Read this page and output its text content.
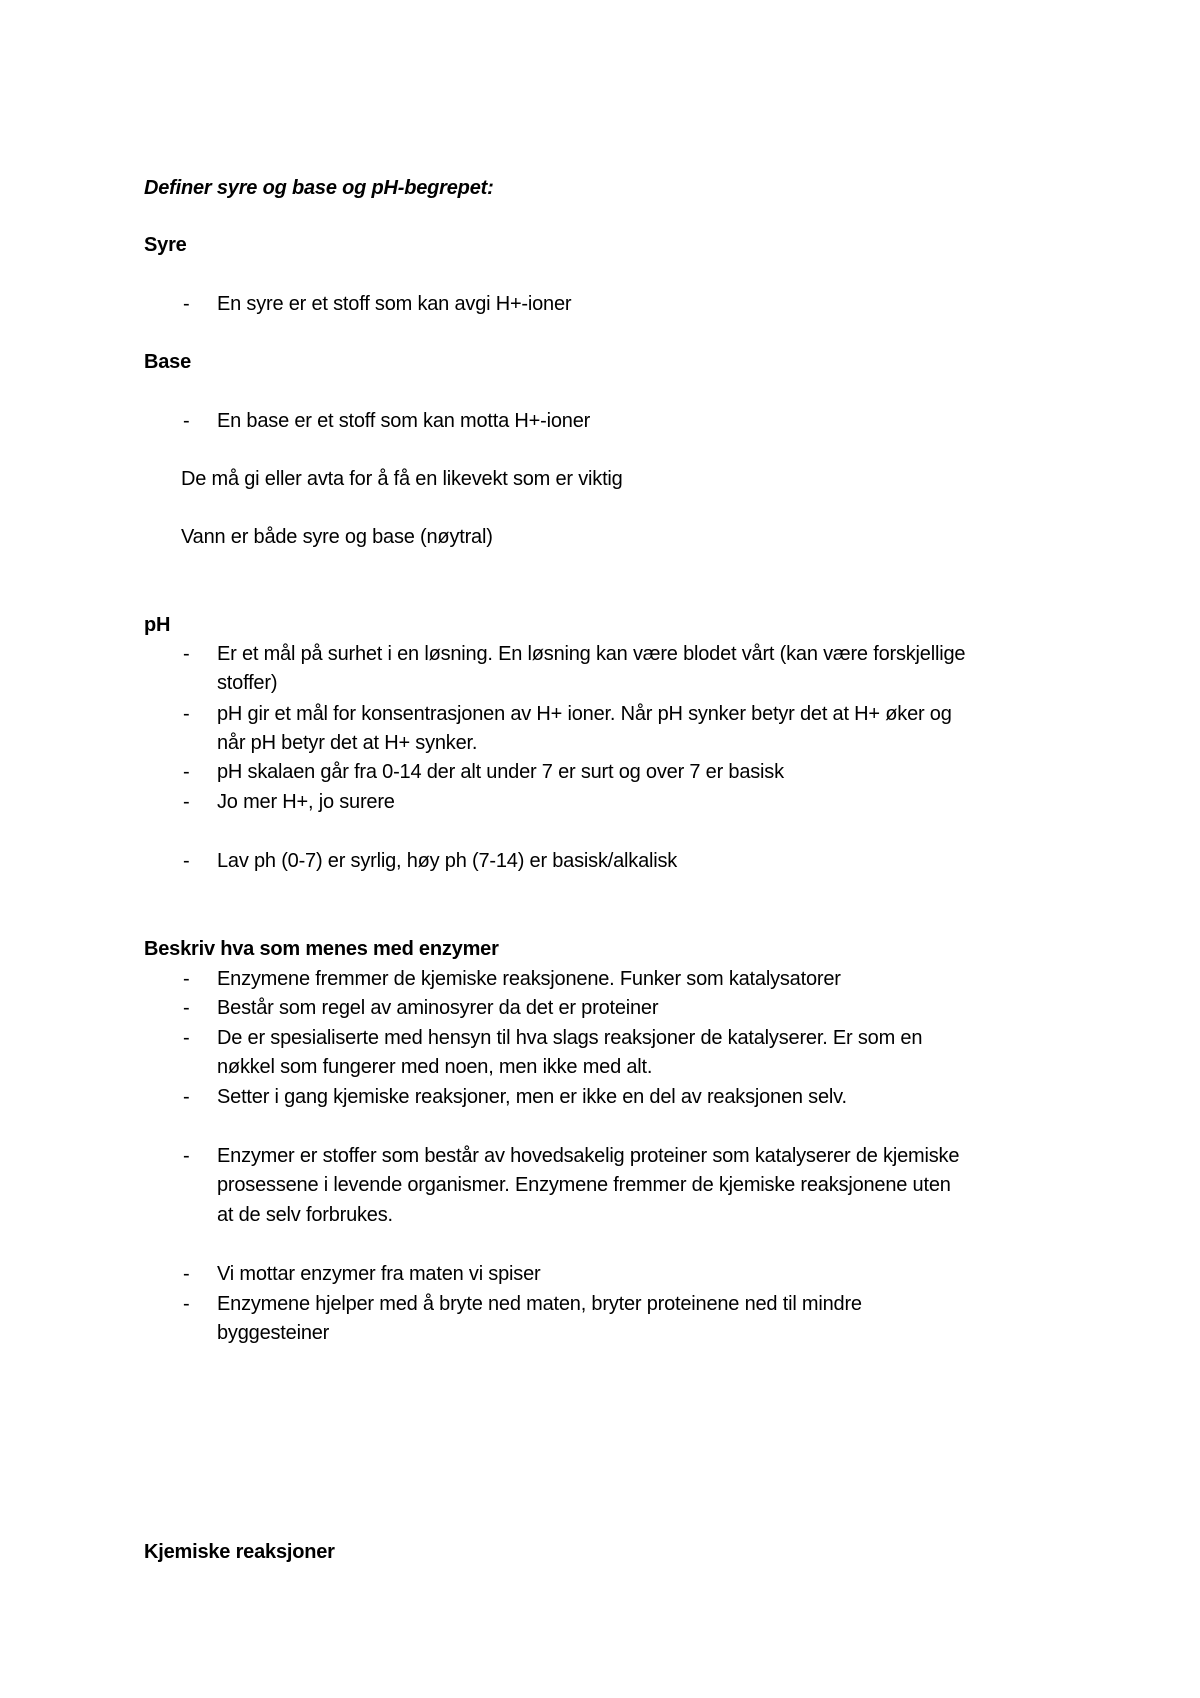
Definer syre og base og pH-begrepet:
Syre
- En syre er et stoff som kan avgi H+-ioner
Base
- En base er et stoff som kan motta H+-ioner
De må gi eller avta for å få en likevekt som er viktig
Vann er både syre og base (nøytral)
pH
- Er et mål på surhet i en løsning. En løsning kan være blodet vårt (kan være forskjellige
stoffer)
- pH gir et mål for konsentrasjonen av H+ ioner. Når pH synker betyr det at H+ øker og
når pH betyr det at H+ synker.
- pH skalaen går fra 0-14 der alt under 7 er surt og over 7 er basisk
- Jo mer H+, jo surere
- Lav ph (0-7) er syrlig, høy ph (7-14) er basisk/alkalisk
Beskriv hva som menes med enzymer
- Enzymene fremmer de kjemiske reaksjonene. Funker som katalysatorer
- Består som regel av aminosyrer da det er proteiner
- De er spesialiserte med hensyn til hva slags reaksjoner de katalyserer. Er som en
nøkkel som fungerer med noen, men ikke med alt.
- Setter i gang kjemiske reaksjoner, men er ikke en del av reaksjonen selv.
- Enzymer er stoffer som består av hovedsakelig proteiner som katalyserer de kjemiske
prosessene i levende organismer. Enzymene fremmer de kjemiske reaksjonene uten
at de selv forbrukes.
- Vi mottar enzymer fra maten vi spiser
- Enzymene hjelper med å bryte ned maten, bryter proteinene ned til mindre
byggesteiner
Kjemiske reaksjoner
